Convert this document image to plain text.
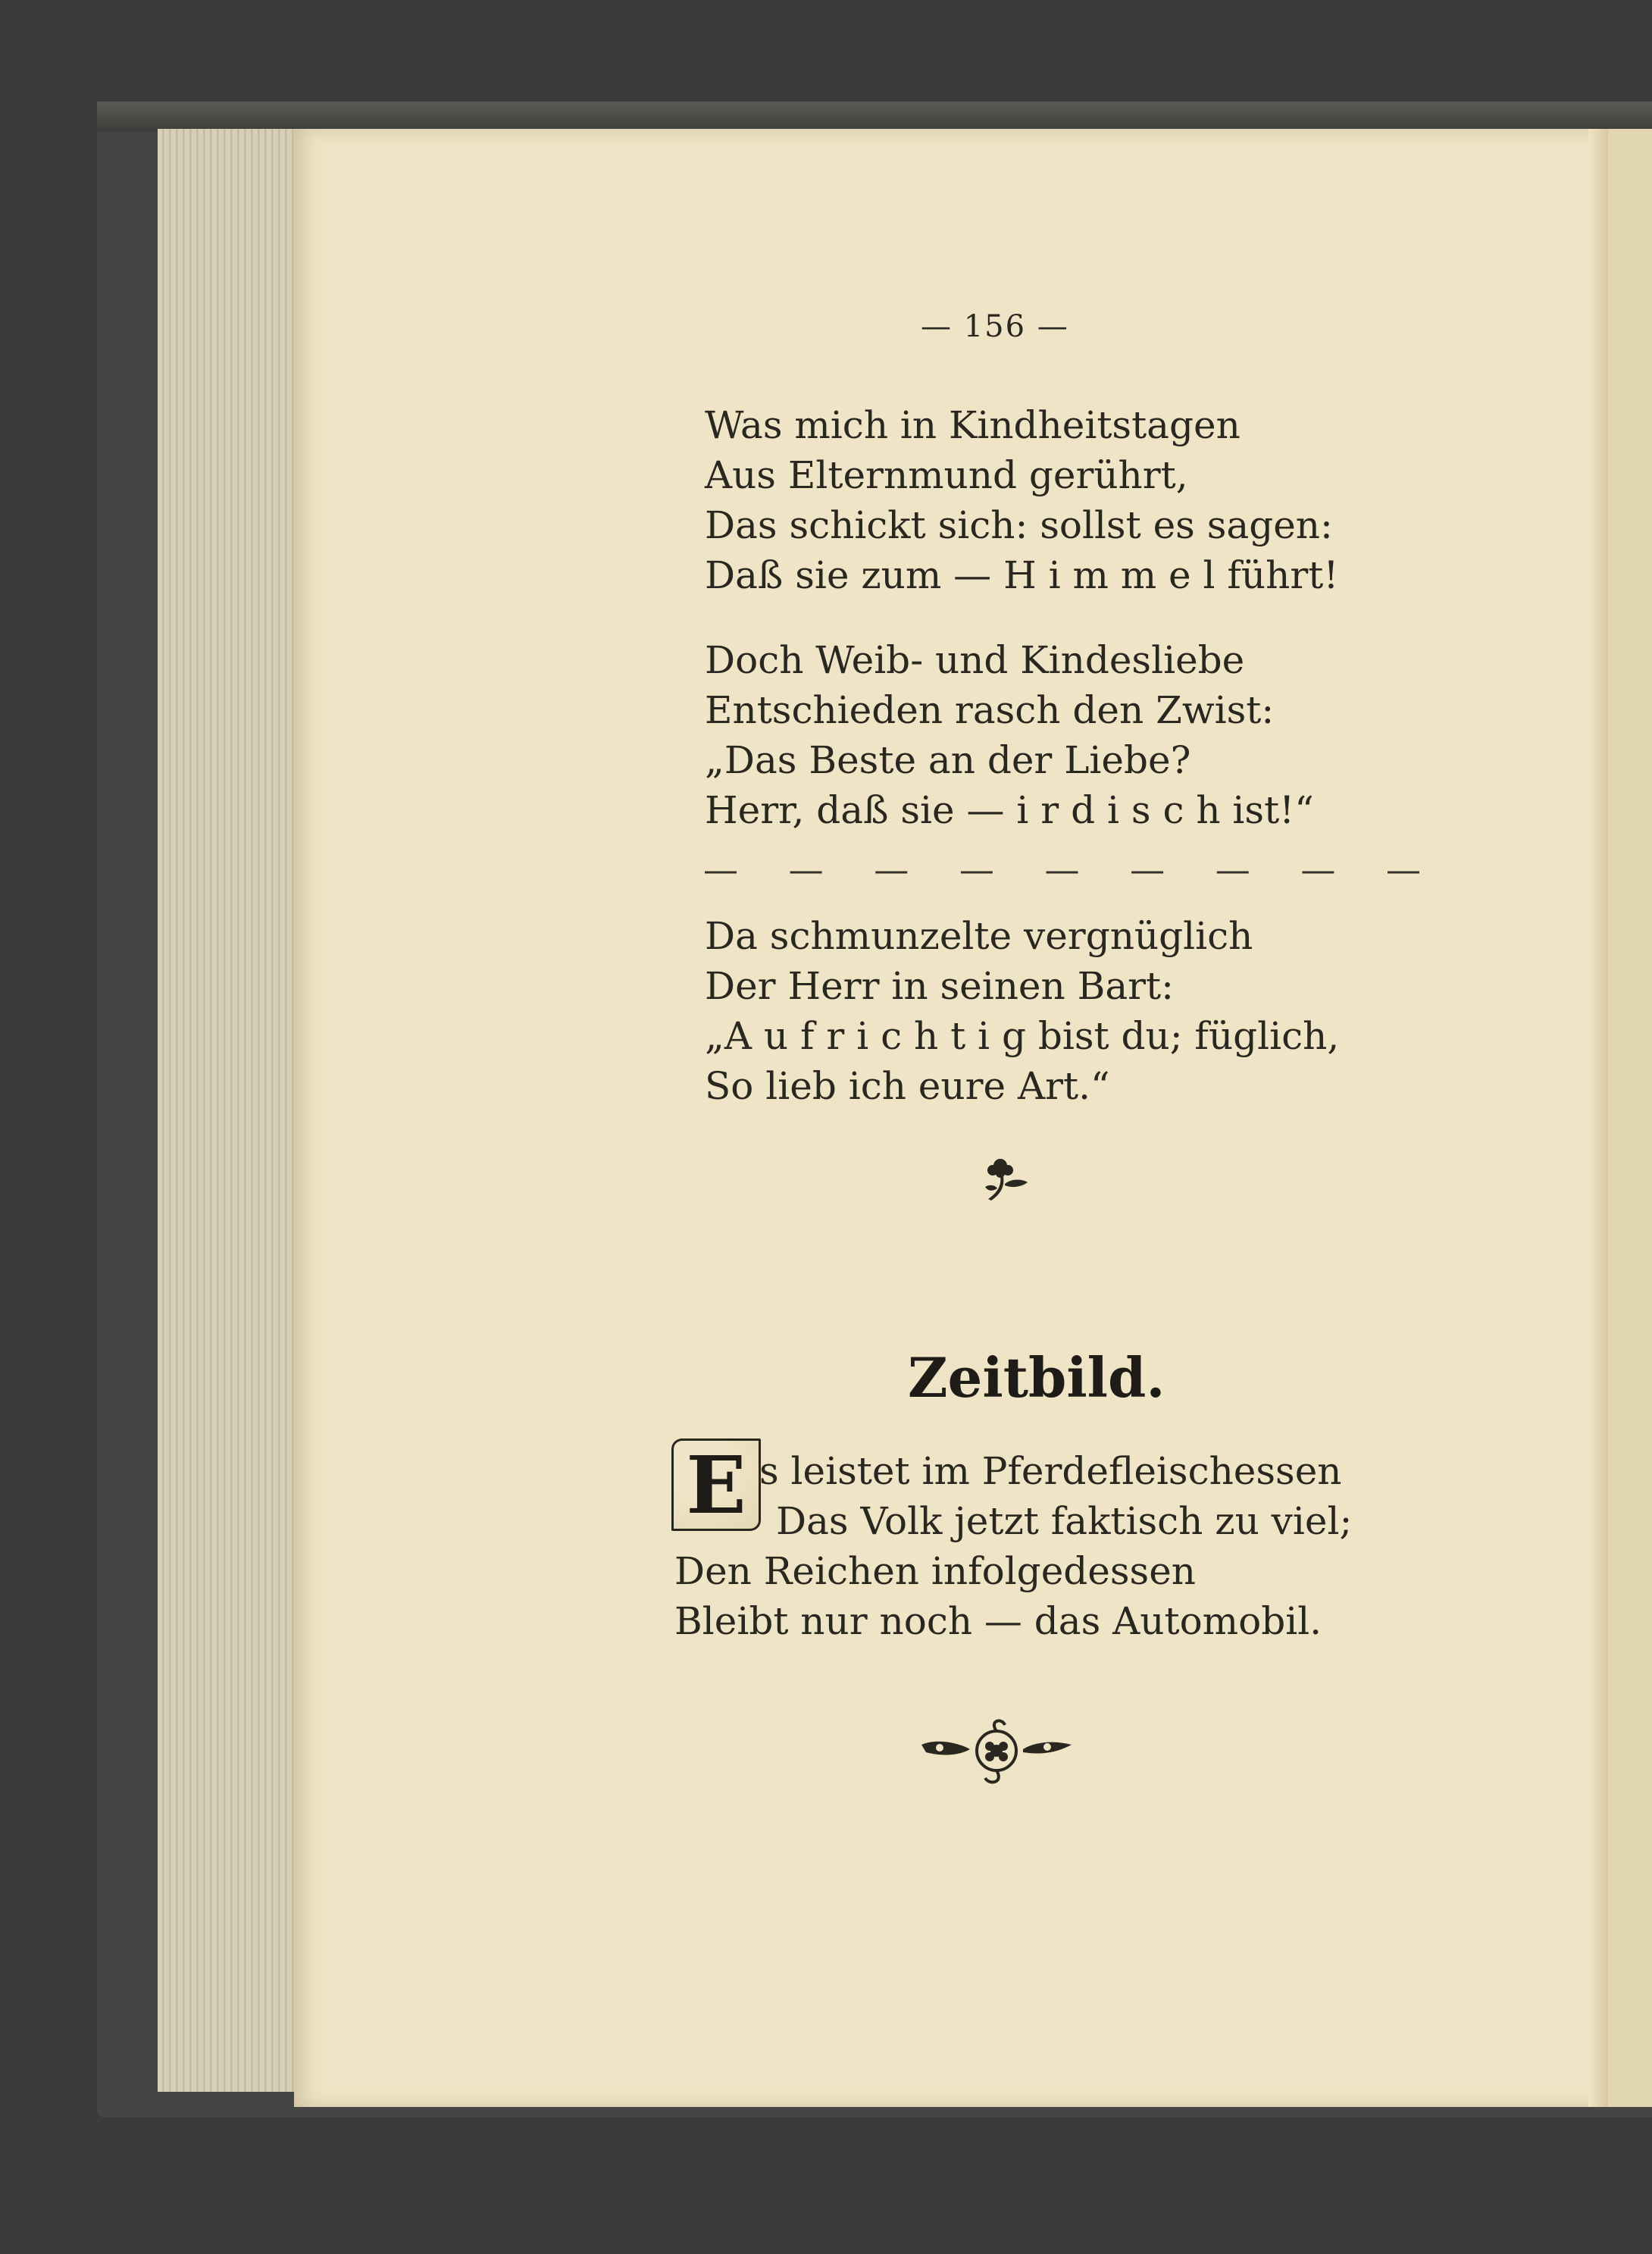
— 156 —
Was mich in Kindheitstagen
Aus Elternmund gerührt,
Das schickt sich: sollst es sagen:
Daß sie zum — H i m m e l führt!
Doch Weib- und Kindesliebe
Entschieden rasch den Zwist:
„Das Beste an der Liebe?
Herr, daß sie — i r d i s c h ist!“
— — — — — — — — —
Da schmunzelte vergnüglich
Der Herr in seinen Bart:
„A u f r i c h t i g bist du; füglich,
So lieb ich eure Art.“
Zeitbild.
E s leistet im Pferdefleischessen
Das Volk jetzt faktisch zu viel;
Den Reichen infolgedessen
Bleibt nur noch — das Automobil.
